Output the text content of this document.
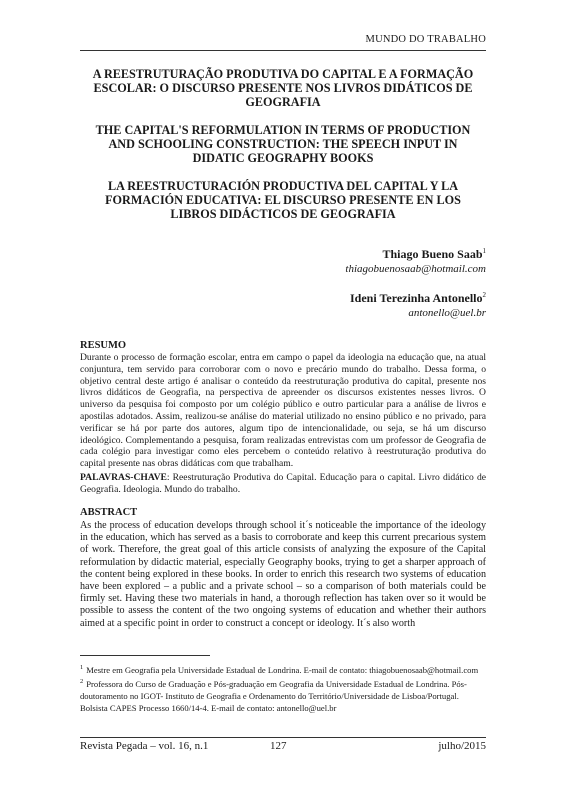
MUNDO DO TRABALHO

A REESTRUTURAÇÃO PRODUTIVA DO CAPITAL E A FORMAÇÃO ESCOLAR: O DISCURSO PRESENTE NOS LIVROS DIDÁTICOS DE GEOGRAFIA

THE CAPITAL'S REFORMULATION IN TERMS OF PRODUCTION AND SCHOOLING CONSTRUCTION: THE SPEECH INPUT IN DIDATIC GEOGRAPHY BOOKS

LA REESTRUCTURACIÓN PRODUCTIVA DEL CAPITAL Y LA FORMACIÓN EDUCATIVA: EL DISCURSO PRESENTE EN LOS LIBROS DIDÁCTICOS DE GEOGRAFIA

Thiago Bueno Saab$^1$
thiagobuenosaab@hotmail.com
Ideni Terezinha Antonello$^2$
antonello@uel.br
RESUMO

Durante o processo de formação escolar, entra em campo o papel da ideologia na educação que, na atual conjuntura, tem servido para corroborar com o novo e precário mundo do trabalho. Dessa forma, o objetivo central deste artigo é analisar o conteúdo da reestruturação produtiva do capital, presente nos livros didáticos de Geografia, na perspectiva de apreender os discursos existentes nesses livros. O universo da pesquisa foi composto por um colégio público e outro particular para a análise de livros e apostilas adotados. Assim, realizou-se análise do material utilizado no ensino público e no privado, para verificar se há por parte dos autores, algum tipo de intencionalidade, ou seja, se há um discurso ideológico. Complementando a pesquisa, foram realizadas entrevistas com um professor de Geografia de cada colégio para investigar como eles percebem o conteúdo relativo à reestruturação produtiva do capital presente nas obras didáticas com que trabalham.

PALAVRAS-CHAVE: Reestruturação Produtiva do Capital. Educação para o capital. Livro didático de Geografia. Ideologia. Mundo do trabalho.

ABSTRACT

As the process of education develops through school it´s noticeable the importance of the ideology in the education, which has served as a basis to corroborate and keep this current precarious system of work. Therefore, the great goal of this article consists of analyzing the exposure of the Capital reformulation by didactic material, especially Geography books, trying to get a sharper approach of the content being explored in these books. In order to enrich this research two systems of education have been explored – a public and a private school – so a comparison of both materials could be firmly set. Having these two materials in hand, a thorough reflection has taken over so it would be possible to assess the content of the two ongoing systems of education and whether their authors aimed at a specific point in order to construct a concept or ideology. It´s also worth

$^1$ Mestre em Geografia pela Universidade Estadual de Londrina. E-mail de contato: thiagobuenosaab@hotmail.com

$^2$ Professora do Curso de Graduação e Pós-graduação em Geografia da Universidade Estadual de Londrina. Pós-doutoramento no IGOT- Instituto de Geografia e Ordenamento do Território/Universidade de Lisboa/Portugal. Bolsista CAPES Processo 1660/14-4. E-mail de contato: antonello@uel.br

Revista Pegada – vol. 16, n.1	127	julho/2015
